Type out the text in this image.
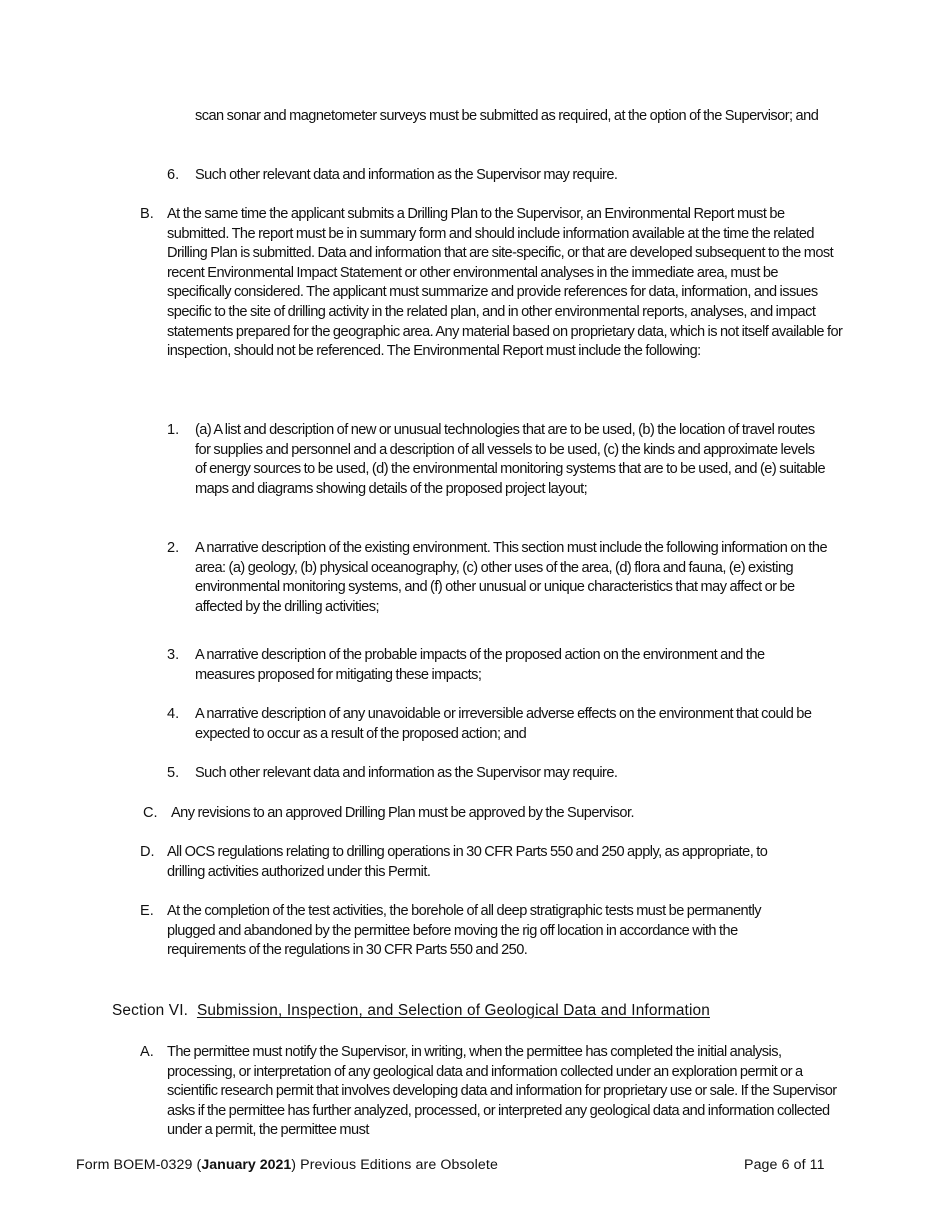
scan sonar and magnetometer surveys must be submitted as required, at the option of the Supervisor; and

6. Such other relevant data and information as the Supervisor may require.

B. At the same time the applicant submits a Drilling Plan to the Supervisor, an Environmental Report must be submitted. The report must be in summary form and should include information available at the time the related Drilling Plan is submitted. Data and information that are site-specific, or that are developed subsequent to the most recent Environmental Impact Statement or other environmental analyses in the immediate area, must be specifically considered. The applicant must summarize and provide references for data, information, and issues specific to the site of drilling activity in the related plan, and in other environmental reports, analyses, and impact statements prepared for the geographic area. Any material based on proprietary data, which is not itself available for inspection, should not be referenced. The Environmental Report must include the following:

1. (a) A list and description of new or unusual technologies that are to be used, (b) the location of travel routes for supplies and personnel and a description of all vessels to be used, (c) the kinds and approximate levels of energy sources to be used, (d) the environmental monitoring systems that are to be used, and (e) suitable maps and diagrams showing details of the proposed project layout;

2. A narrative description of the existing environment. This section must include the following information on the area: (a) geology, (b) physical oceanography, (c) other uses of the area, (d) flora and fauna, (e) existing environmental monitoring systems, and (f) other unusual or unique characteristics that may affect or be affected by the drilling activities;

3. A narrative description of the probable impacts of the proposed action on the environment and the measures proposed for mitigating these impacts;

4. A narrative description of any unavoidable or irreversible adverse effects on the environment that could be expected to occur as a result of the proposed action; and

5. Such other relevant data and information as the Supervisor may require.

C. Any revisions to an approved Drilling Plan must be approved by the Supervisor.

D. All OCS regulations relating to drilling operations in 30 CFR Parts 550 and 250 apply, as appropriate, to drilling activities authorized under this Permit.

E. At the completion of the test activities, the borehole of all deep stratigraphic tests must be permanently plugged and abandoned by the permittee before moving the rig off location in accordance with the requirements of the regulations in 30 CFR Parts 550 and 250.

Section VI. Submission, Inspection, and Selection of Geological Data and Information

A. The permittee must notify the Supervisor, in writing, when the permittee has completed the initial analysis, processing, or interpretation of any geological data and information collected under an exploration permit or a scientific research permit that involves developing data and information for proprietary use or sale. If the Supervisor asks if the permittee has further analyzed, processed, or interpreted any geological data and information collected under a permit, the permittee must

Form BOEM-0329 (January 2021) Previous Editions are Obsolete	Page 6 of 11
